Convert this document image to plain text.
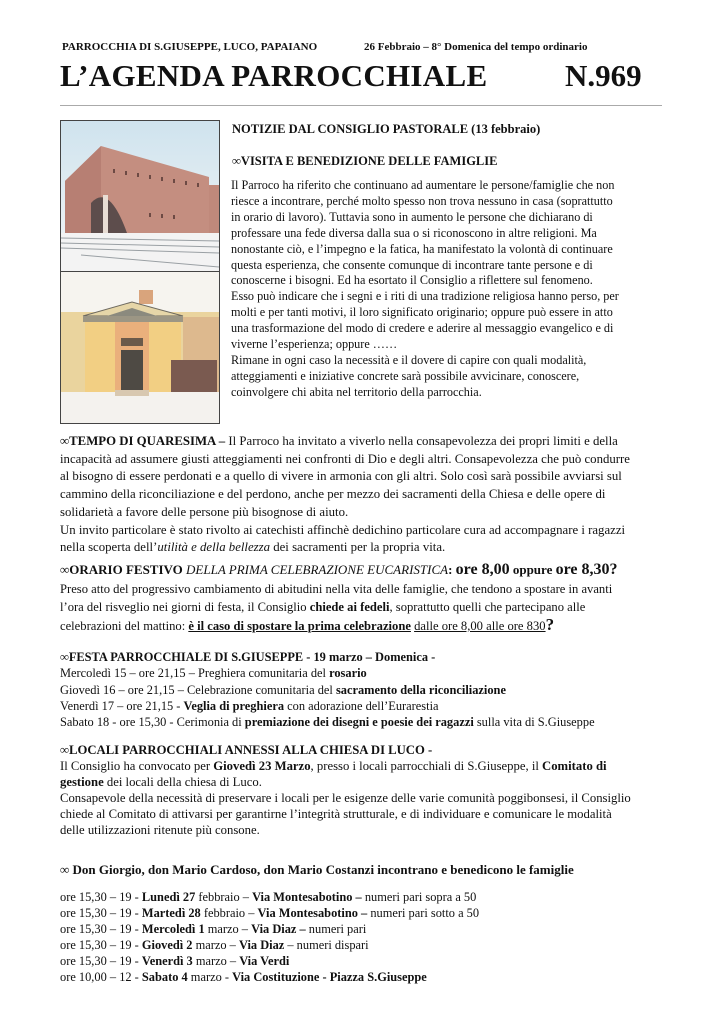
PARROCCHIA DI S.GIUSEPPE, LUCO, PAPAIANO	26 Febbraio – 8° Domenica del tempo ordinario
L’AGENDA PARROCCHIALE	N.969
NOTIZIE DAL CONSIGLIO PASTORALE (13 febbraio)
∞VISITA E BENEDIZIONE DELLE FAMIGLIE
Il Parroco ha riferito che continuano ad aumentare le persone/famiglie che non
riesce a incontrare, perché molto spesso non trova nessuno in casa (soprattutto
in orario di lavoro). Tuttavia sono in aumento le persone che dichiarano di
professare una fede diversa dalla sua o si riconoscono in altre religioni. Ma
nonostante ciò, e l’impegno e la fatica, ha manifestato la volontà di continuare
questa esperienza, che consente comunque di incontrare tante persone e di
conoscerne i bisogni. Ed ha esortato il Consiglio a riflettere sul fenomeno.
Esso può indicare che i segni e i riti di una tradizione religiosa hanno perso, per
molti e per tanti motivi, il loro significato originario; oppure può essere in atto
una trasformazione del modo di credere e aderire al messaggio evangelico e di
viverne l’esperienza; oppure ……
Rimane in ogni caso la necessità e il dovere di capire con quali modalità,
atteggiamenti e iniziative concrete sarà possibile avvicinare, conoscere,
coinvolgere chi abita nel territorio della parrocchia.
∞TEMPO DI QUARESIMA – Il Parroco ha invitato a viverlo nella consapevolezza dei propri limiti e della
incapacità ad assumere giusti atteggiamenti nei confronti di Dio e degli altri. Consapevolezza che può condurre
al bisogno di essere perdonati e a quello di vivere in armonia con gli altri. Solo così sarà possibile avviarsi sul
cammino della riconciliazione e del perdono, anche per mezzo dei sacramenti della Chiesa e delle opere di
solidarietà a favore delle persone più bisognose di aiuto.
Un invito particolare è stato rivolto ai catechisti affinchè dedichino particolare cura ad accompagnare i ragazzi
nella scoperta dell’utilità e della bellezza dei sacramenti per la propria vita.
∞ORARIO FESTIVO DELLA PRIMA CELEBRAZIONE EUCARISTICA: ore 8,00 oppure ore 8,30?
Preso atto del progressivo cambiamento di abitudini nella vita delle famiglie, che tendono a spostare in avanti
l’ora del risveglio nei giorni di festa, il Consiglio chiede ai fedeli, soprattutto quelli che partecipano alle
celebrazioni del mattino: è il caso di spostare la prima celebrazione dalle ore 8,00 alle ore 830?
∞FESTA PARROCCHIALE DI S.GIUSEPPE - 19 marzo – Domenica -
Mercoledì 15 – ore 21,15 – Preghiera comunitaria del rosario
Giovedì 16 – ore 21,15 – Celebrazione comunitaria del sacramento della riconciliazione
Venerdì 17 – ore 21,15 - Veglia di preghiera con adorazione dell’Eurarestia
Sabato 18 - ore 15,30 - Cerimonia di premiazione dei disegni e poesie dei ragazzi sulla vita di S.Giuseppe
∞LOCALI PARROCCHIALI ANNESSI ALLA CHIESA DI LUCO -
Il Consiglio ha convocato per Giovedì 23 Marzo, presso i locali parrocchiali di S.Giuseppe, il Comitato di
gestione dei locali della chiesa di Luco.
Consapevole della necessità di preservare i locali per le esigenze delle varie comunità poggibonsesi, il Consiglio
chiede al Comitato di attivarsi per garantirne l’integrità strutturale, e di individuare e comunicare le modalità
delle utilizzazioni ritenute più consone.
∞ Don Giorgio, don Mario Cardoso, don Mario Costanzi incontrano e benedicono le famiglie
ore 15,30 – 19 - Lunedì 27 febbraio – Via Montesabotino – numeri pari sopra a 50
ore 15,30 – 19 - Martedì 28 febbraio – Via Montesabotino – numeri pari sotto a 50
ore 15,30 – 19 - Mercoledì 1 marzo – Via Diaz – numeri pari
ore 15,30 – 19 - Giovedì 2 marzo – Via Diaz – numeri dispari
ore 15,30 – 19 - Venerdì 3 marzo – Via Verdi
ore 10,00 – 12 - Sabato 4 marzo - Via Costituzione - Piazza S.Giuseppe
